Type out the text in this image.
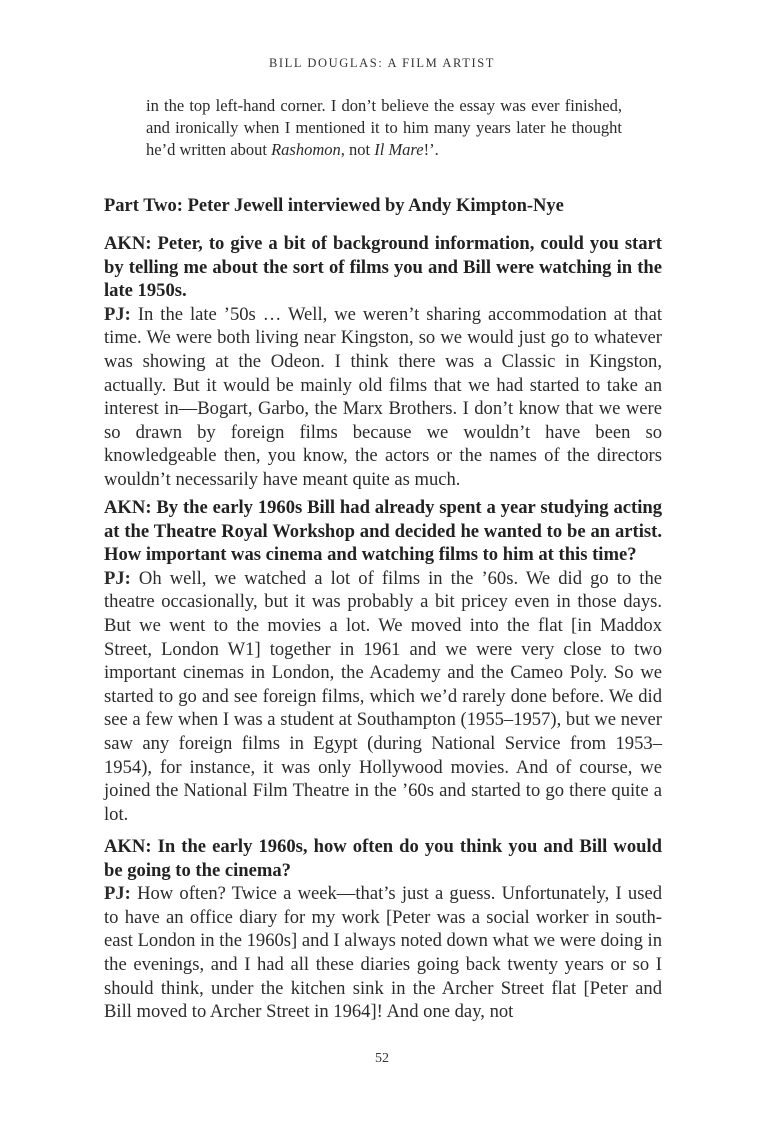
BILL DOUGLAS: A FILM ARTIST

in the top left-hand corner. I don’t believe the essay was ever finished, and ironically when I mentioned it to him many years later he thought he’d written about Rashomon, not Il Mare!’.

Part Two: Peter Jewell interviewed by Andy Kimpton-Nye

AKN: Peter, to give a bit of background information, could you start by telling me about the sort of films you and Bill were watching in the late 1950s.

PJ: In the late ’50s … Well, we weren’t sharing accommodation at that time. We were both living near Kingston, so we would just go to whatever was showing at the Odeon. I think there was a Classic in Kingston, actually. But it would be mainly old films that we had started to take an interest in—Bogart, Garbo, the Marx Brothers. I don’t know that we were so drawn by foreign films because we wouldn’t have been so knowledgeable then, you know, the actors or the names of the directors wouldn’t necessarily have meant quite as much.

AKN: By the early 1960s Bill had already spent a year studying acting at the Theatre Royal Workshop and decided he wanted to be an artist. How important was cinema and watching films to him at this time?

PJ: Oh well, we watched a lot of films in the ’60s. We did go to the theatre occasionally, but it was probably a bit pricey even in those days. But we went to the movies a lot. We moved into the flat [in Maddox Street, London W1] together in 1961 and we were very close to two important cinemas in London, the Academy and the Cameo Poly. So we started to go and see foreign films, which we’d rarely done before. We did see a few when I was a student at Southampton (1955–1957), but we never saw any foreign films in Egypt (during National Service from 1953–1954), for instance, it was only Hollywood movies. And of course, we joined the National Film Theatre in the ’60s and started to go there quite a lot.

AKN: In the early 1960s, how often do you think you and Bill would be going to the cinema?

PJ: How often? Twice a week—that’s just a guess. Unfortunately, I used to have an office diary for my work [Peter was a social worker in south-east London in the 1960s] and I always noted down what we were doing in the evenings, and I had all these diaries going back twenty years or so I should think, under the kitchen sink in the Archer Street flat [Peter and Bill moved to Archer Street in 1964]! And one day, not

52
